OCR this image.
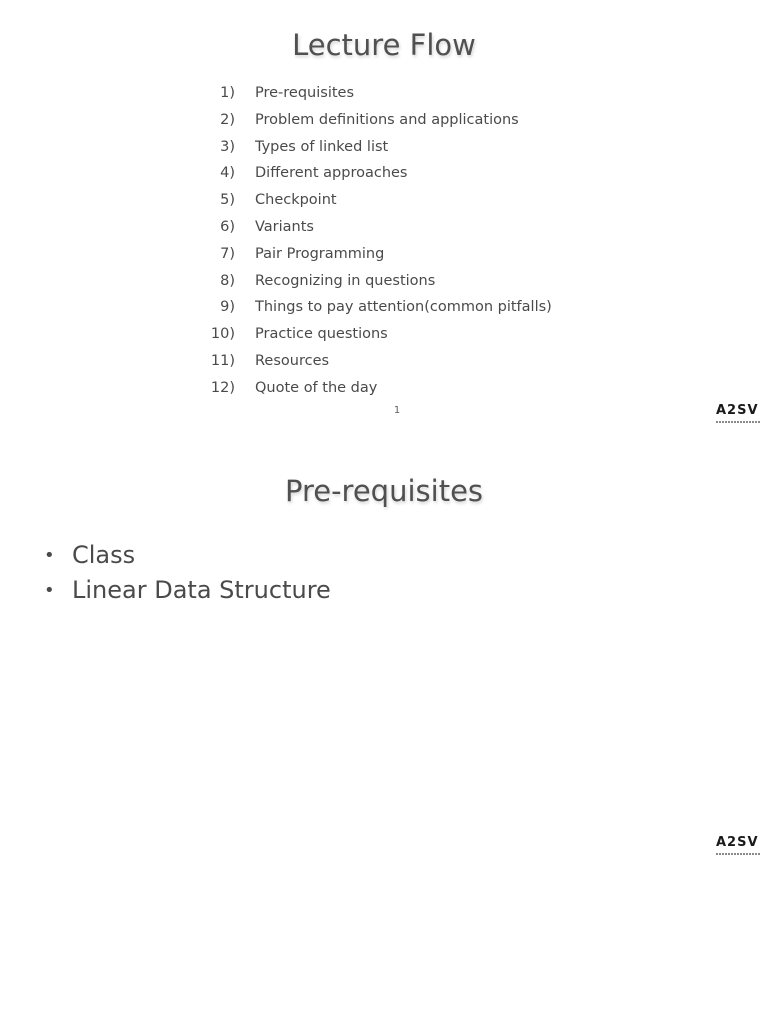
Lecture Flow
1) Pre-requisites
2) Problem definitions and applications
3) Types of linked list
4) Different approaches
5) Checkpoint
6) Variants
7) Pair Programming
8) Recognizing in questions
9) Things to pay attention(common pitfalls)
10) Practice questions
11) Resources
12) Quote of the day
1	A2SV
Pre-requisites
• Class
• Linear Data Structure
A2SV
